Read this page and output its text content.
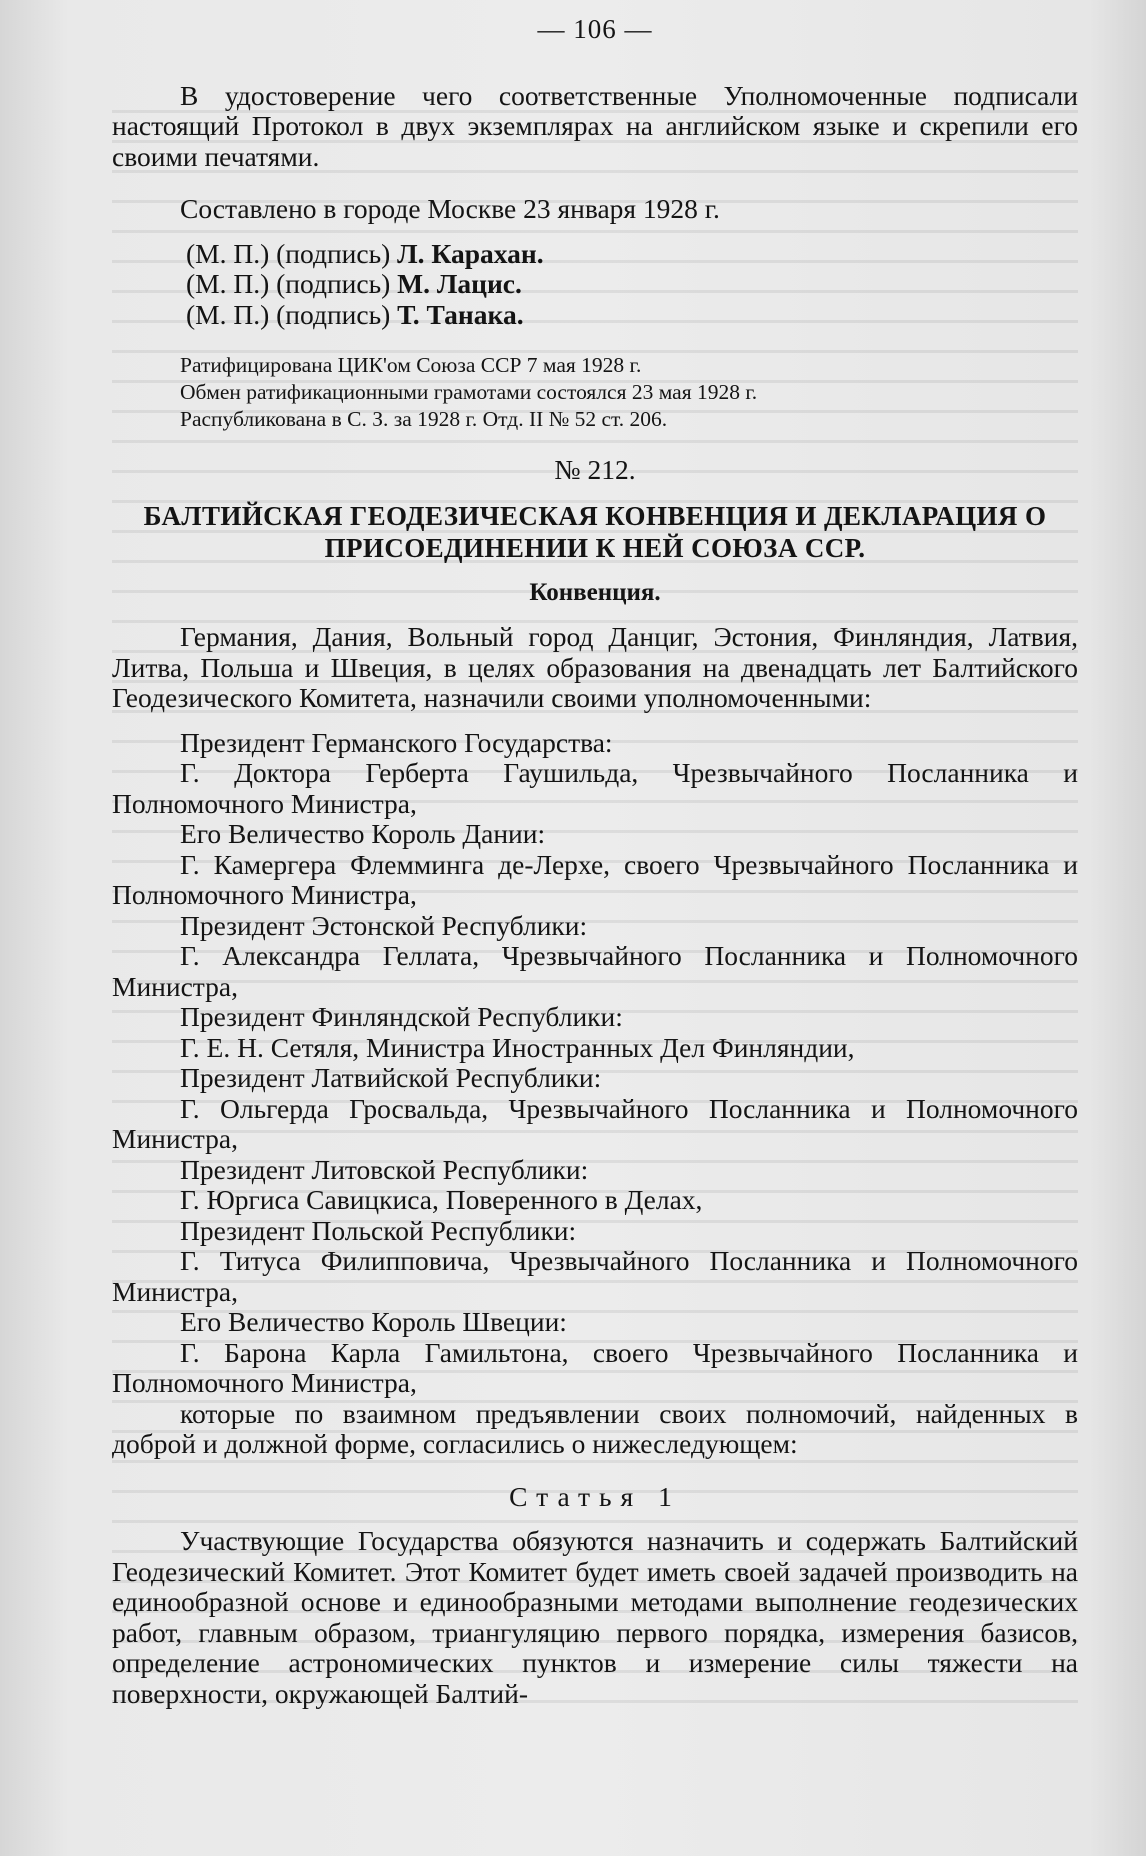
— 106 —

В удостоверение чего соответственные Уполномоченные подписали настоящий Протокол в двух экземплярах на английском языке и скрепили его своими печатями.

Составлено в городе Москве 23 января 1928 г.

(М. П.) (подпись) Л. Карахан.
(М. П.) (подпись) М. Лацис.
(М. П.) (подпись) Т. Танака.
Ратифицирована ЦИК'ом Союза ССР 7 мая 1928 г.
Обмен ратификационными грамотами состоялся 23 мая 1928 г.
Распубликована в С. З. за 1928 г. Отд. II № 52 ст. 206.

№ 212.

БАЛТИЙСКАЯ ГЕОДЕЗИЧЕСКАЯ КОНВЕНЦИЯ И ДЕКЛАРАЦИЯ О
ПРИСОЕДИНЕНИИ К НЕЙ СОЮЗА ССР.
Конвенция.

Германия, Дания, Вольный город Данциг, Эстония, Финляндия, Латвия, Литва, Польша и Швеция, в целях образования на двенадцать лет Балтийского Геодезического Комитета, назначили своими уполномоченными:

Президент Германского Государства:

Г. Доктора Герберта Гаушильда, Чрезвычайного Посланника и Полномочного Министра,

Его Величество Король Дании:

Г. Камергера Флемминга де-Лерхе, своего Чрезвычайного Посланника и Полномочного Министра,

Президент Эстонской Республики:

Г. Александра Геллата, Чрезвычайного Посланника и Полномочного Министра,

Президент Финляндской Республики:

Г. Е. Н. Сетяля, Министра Иностранных Дел Финляндии,

Президент Латвийской Республики:

Г. Ольгерда Гросвальда, Чрезвычайного Посланника и Полномочного Министра,

Президент Литовской Республики:

Г. Юргиса Савицкиса, Поверенного в Делах,

Президент Польской Республики:

Г. Титуса Филипповича, Чрезвычайного Посланника и Полномочного Министра,

Его Величество Король Швеции:

Г. Барона Карла Гамильтона, своего Чрезвычайного Посланника и Полномочного Министра,

которые по взаимном предъявлении своих полномочий, найденных в доброй и должной форме, согласились о нижеследующем:

Статья 1

Участвующие Государства обязуются назначить и содержать Балтийский Геодезический Комитет. Этот Комитет будет иметь своей задачей производить на единообразной основе и единообразными методами выполнение геодезических работ, главным образом, триангуляцию первого порядка, измерения базисов, определение астрономических пунктов и измерение силы тяжести на поверхности, окружающей Балтий-
